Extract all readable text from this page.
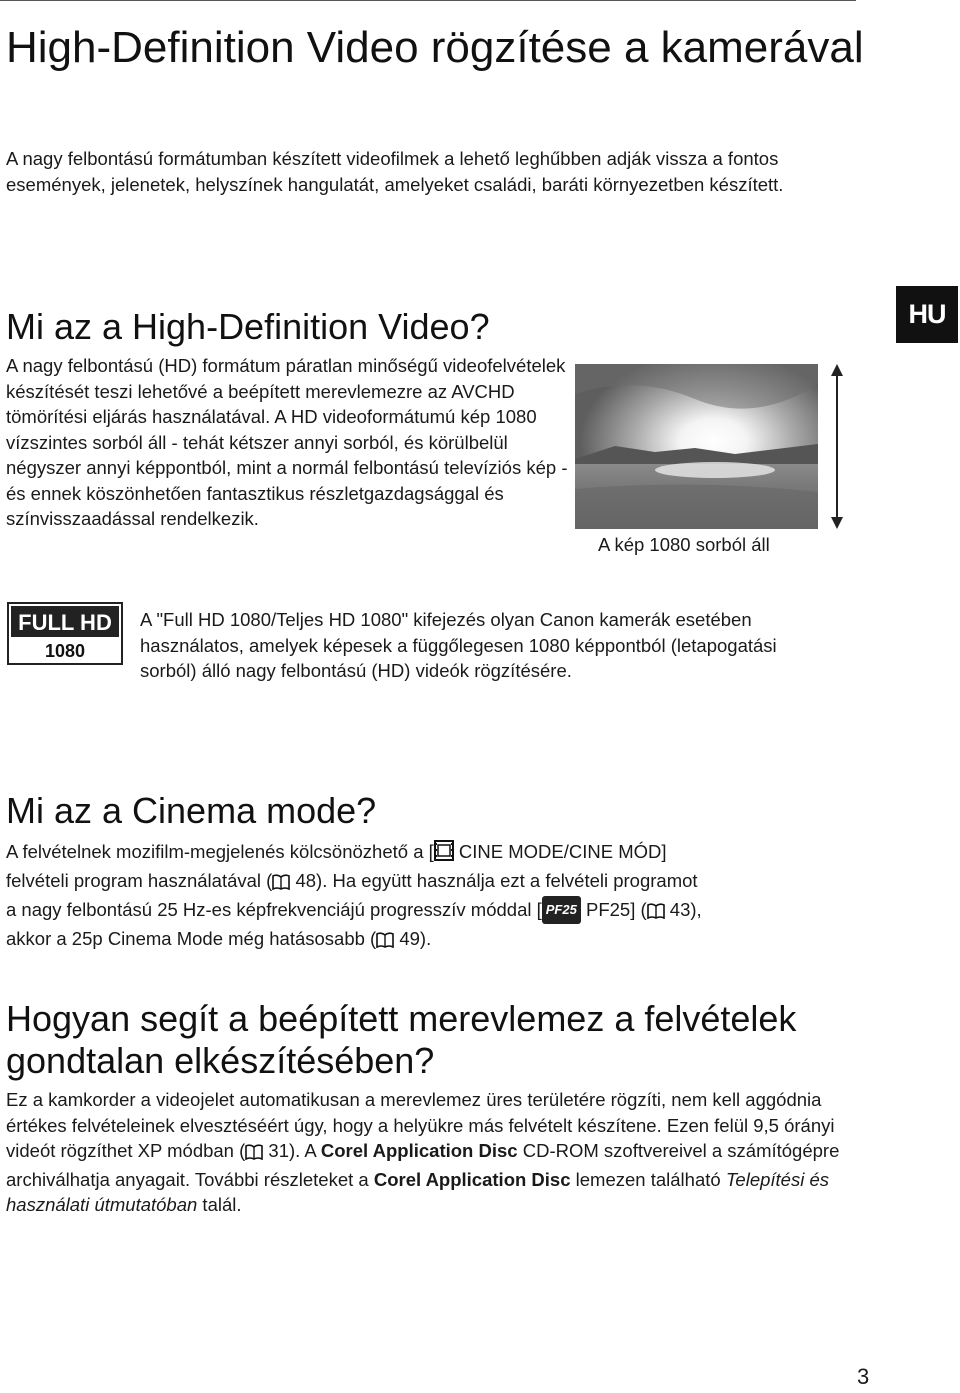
High-Definition Video rögzítése a kamerával

A nagy felbontású formátumban készített videofilmek a lehető leghűbben adják vissza a fontos események, jelenetek, helyszínek hangulatát, amelyeket családi, baráti környezetben készített.

HU
Mi az a High-Definition Video?

A nagy felbontású (HD) formátum páratlan minőségű videofelvételek készítését teszi lehetővé a beépített merevlemezre az AVCHD tömörítési eljárás használatával. A HD videoformátumú kép 1080 vízszintes sorból áll - tehát kétszer annyi sorból, és körülbelül négyszer annyi képpontból, mint a normál felbontású televíziós kép - és ennek köszönhetően fantasztikus részletgazdagsággal és színvisszaadással rendelkezik.

A kép 1080 sorból áll
FULL HD
1080

A "Full HD 1080/Teljes HD 1080" kifejezés olyan Canon kamerák esetében használatos, amelyek képesek a függőlegesen 1080 képpontból (letapogatási sorból) álló nagy felbontású (HD) videók rögzítésére.

Mi az a Cinema mode?
A felvételnek mozifilm-megjelenés kölcsönözhető a [ CINE MODE/CINE MÓD]
felvételi program használatával ( 48). Ha együtt használja ezt a felvételi programot
a nagy felbontású 25 Hz-es képfrekvenciájú progresszív móddal [ PF25 PF25] ( 43),
akkor a 25p Cinema Mode még hatásosabb ( 49).
Hogyan segít a beépített merevlemez a felvételek gondtalan elkészítésében?

Ez a kamkorder a videojelet automatikusan a merevlemez üres területére rögzíti, nem kell aggódnia értékes felvételeinek elvesztéséért úgy, hogy a helyükre más felvételt készítene. Ezen felül 9,5 órányi videót rögzíthet XP módban ( 31). A Corel Application Disc CD-ROM szoftvereivel a számítógépre archiválhatja anyagait. További részleteket a Corel Application Disc lemezen található Telepítési és használati útmutatóban talál.

3
